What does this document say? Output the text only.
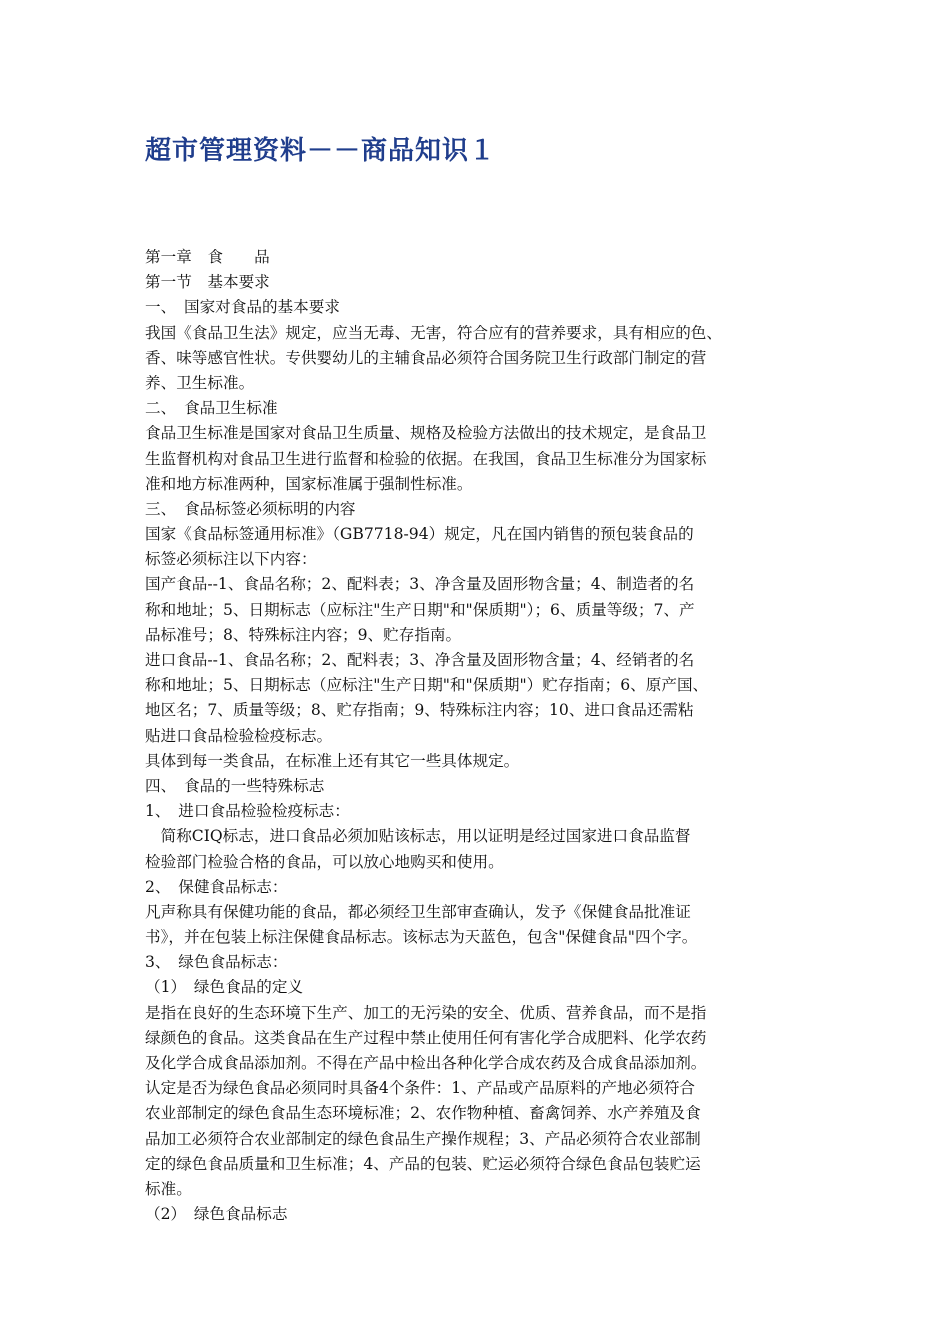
超市管理资料－－商品知识１
第一章　食　　品
第一节　基本要求
一、　国家对食品的基本要求
我国《食品卫生法》规定，应当无毒、无害，符合应有的营养要求，具有相应的色、
香、味等感官性状。专供婴幼儿的主辅食品必须符合国务院卫生行政部门制定的营
养、卫生标准。
二、　食品卫生标准
食品卫生标准是国家对食品卫生质量、规格及检验方法做出的技术规定，是食品卫
生监督机构对食品卫生进行监督和检验的依据。在我国，食品卫生标准分为国家标
准和地方标准两种，国家标准属于强制性标准。
三、　食品标签必须标明的内容
国家《食品标签通用标准》（GB7718-94）规定，凡在国内销售的预包装食品的
标签必须标注以下内容：
国产食品--1、食品名称；2、配料表；3、净含量及固形物含量；4、制造者的名
称和地址；5、日期标志（应标注"生产日期"和"保质期"）；6、质量等级；7、产
品标准号；8、特殊标注内容；9、贮存指南。
进口食品--1、食品名称；2、配料表；3、净含量及固形物含量；4、经销者的名
称和地址；5、日期标志（应标注"生产日期"和"保质期"）贮存指南；6、原产国、
地区名；7、质量等级；8、贮存指南；9、特殊标注内容；10、进口食品还需粘
贴进口食品检验检疫标志。
具体到每一类食品，在标准上还有其它一些具体规定。
四、　食品的一些特殊标志
1、　进口食品检验检疫标志：
　简称CIQ标志，进口食品必须加贴该标志，用以证明是经过国家进口食品监督
检验部门检验合格的食品，可以放心地购买和使用。
2、　保健食品标志：
凡声称具有保健功能的食品，都必须经卫生部审查确认，发予《保健食品批准证
书》，并在包装上标注保健食品标志。该标志为天蓝色，包含"保健食品"四个字。
3、　绿色食品标志：
（1）　绿色食品的定义
是指在良好的生态环境下生产、加工的无污染的安全、优质、营养食品，而不是指
绿颜色的食品。这类食品在生产过程中禁止使用任何有害化学合成肥料、化学农药
及化学合成食品添加剂。不得在产品中检出各种化学合成农药及合成食品添加剂。
认定是否为绿色食品必须同时具备4个条件：1、产品或产品原料的产地必须符合
农业部制定的绿色食品生态环境标准；2、农作物种植、畜禽饲养、水产养殖及食
品加工必须符合农业部制定的绿色食品生产操作规程；3、产品必须符合农业部制
定的绿色食品质量和卫生标准；4、产品的包装、贮运必须符合绿色食品包装贮运
标准。
（2）　绿色食品标志
